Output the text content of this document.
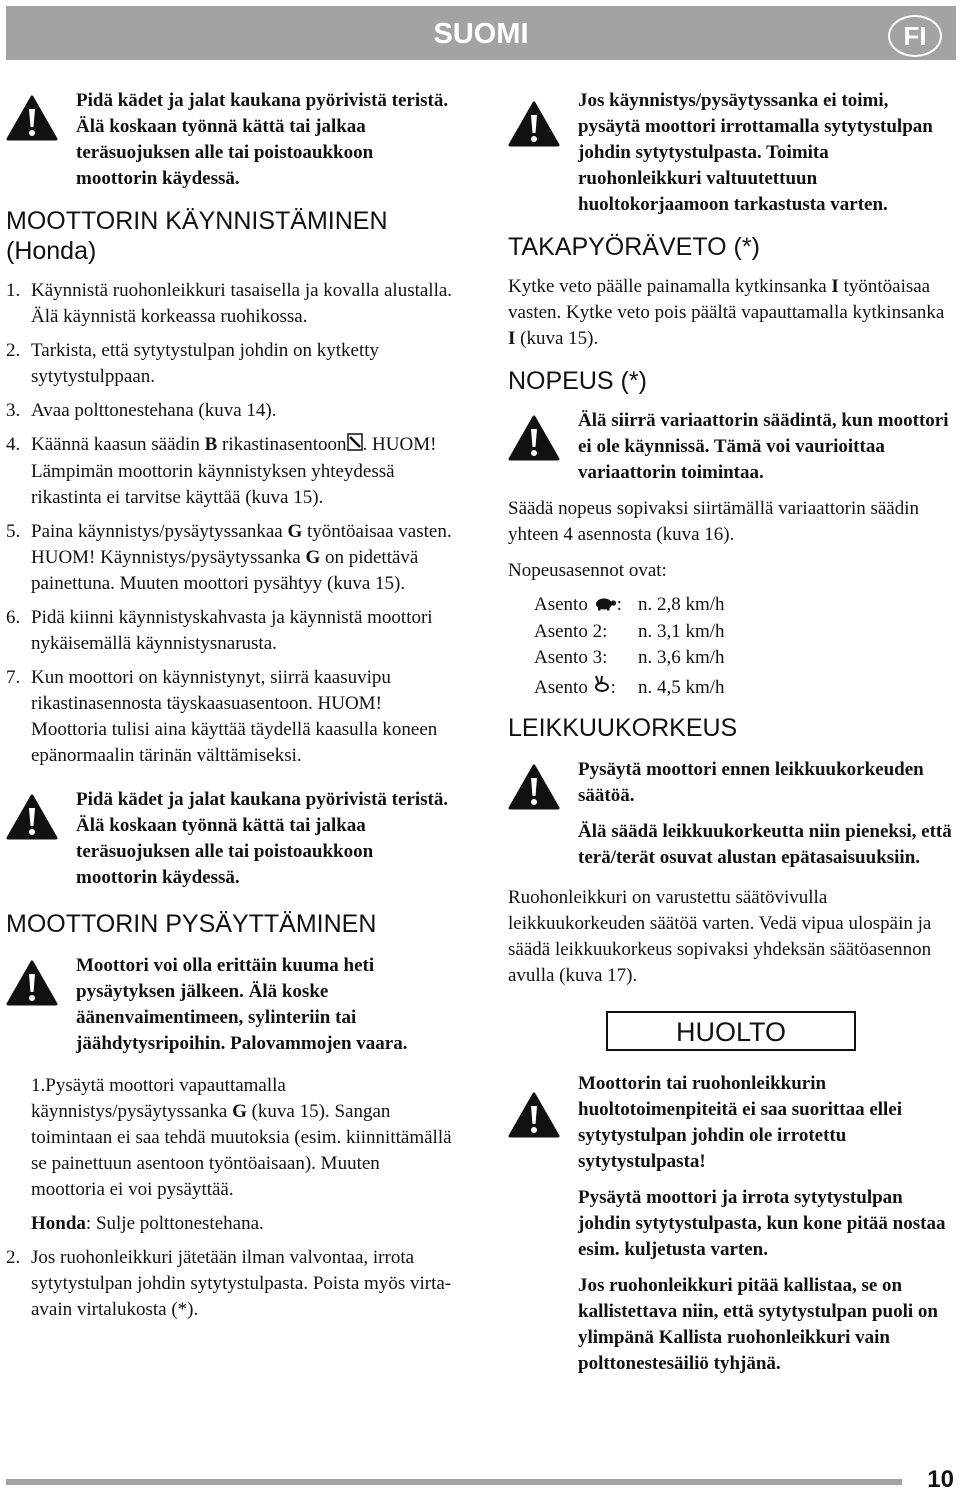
SUOMI	FI

Pidä kädet ja jalat kaukana pyörivistä teristä. Älä koskaan työnnä kättä tai jalkaa teräsuojuksen alle tai poistoaukkoon moottorin käydessä.

MOOTTORIN KÄYNNISTÄMINEN (Honda)
1. Käynnistä ruohonleikkuri tasaisella ja kovalla alustalla. Älä käynnistä korkeassa ruohikossa.
2. Tarkista, että sytytystulpan johdin on kytketty sytytystulppaan.
3. Avaa polttonestehana (kuva 14).
4. Käännä kaasun säädin B rikastinasentoon . HUOM! Lämpimän moottorin käynnistyksen yhteydessä rikastinta ei tarvitse käyttää (kuva 15).
5. Paina käynnistys/pysäytyssankaa G työntöaisaa vasten. HUOM! Käynnistys/pysäytyssanka G on pidettävä painettuna. Muuten moottori pysähtyy (kuva 15).
6. Pidä kiinni käynnistyskahvasta ja käynnistä moottori nykäisemällä käynnistysnarusta.
7. Kun moottori on käynnistynyt, siirrä kaasuvipu rikastinasennosta täyskaasuasentoon. HUOM! Moottoria tulisi aina käyttää täydellä kaasulla koneen epänormaalin tärinän välttämiseksi.

Pidä kädet ja jalat kaukana pyörivistä teristä. Älä koskaan työnnä kättä tai jalkaa teräsuojuksen alle tai poistoaukkoon moottorin käydessä.

MOOTTORIN PYSÄYTTÄMINEN

Moottori voi olla erittäin kuuma heti pysäytyksen jälkeen. Älä koske äänenvaimentimeen, sylinteriin tai jäähdytysripoihin. Palovammojen vaara.

1.Pysäytä moottori vapauttamalla käynnistys/pysäytyssanka G (kuva 15). Sangan toimintaan ei saa tehdä muutoksia (esim. kiinnittämällä se painettuun asentoon työntöaisaan). Muuten moottoria ei voi pysäyttää.

Honda: Sulje polttonestehana.

2. Jos ruohonleikkuri jätetään ilman valvontaa, irrota sytytystulpan johdin sytytystulpasta. Poista myös virta-avain virtalukosta (*).

Jos käynnistys/pysäytyssanka ei toimi, pysäytä moottori irrottamalla sytytystulpan johdin sytytystulpasta. Toimita ruohonleikkuri valtuutettuun huoltokorjaamoon tarkastusta varten.

TAKAPYÖRÄVETO (*)

Kytke veto päälle painamalla kytkinsanka I työntöaisaa vasten. Kytke veto pois päältä vapauttamalla kytkinsanka I (kuva 15).

NOPEUS (*)

Älä siirrä variaattorin säädintä, kun moottori ei ole käynnissä. Tämä voi vaurioittaa variaattorin toimintaa.

Säädä nopeus sopivaksi siirtämällä variaattorin säädin yhteen 4 asennosta (kuva 16).

Nopeusasennot ovat:

Asento :	n. 2,8 km/h
Asento 2:	n. 3,1 km/h
Asento 3:	n. 3,6 km/h
Asento :	n. 4,5 km/h
LEIKKUUKORKEUS

Pysäytä moottori ennen leikkuukorkeuden säätöä.

Älä säädä leikkuukorkeutta niin pieneksi, että terä/terät osuvat alustan epätasaisuuksiin.

Ruohonleikkuri on varustettu säätövivulla leikkuukorkeuden säätöä varten. Vedä vipua ulospäin ja säädä leikkuukorkeus sopivaksi yhdeksän säätöasennon avulla (kuva 17).

HUOLTO

Moottorin tai ruohonleikkurin huoltotoimenpiteitä ei saa suorittaa ellei sytytystulpan johdin ole irrotettu sytytystulpasta!

Pysäytä moottori ja irrota sytytystulpan johdin sytytystulpasta, kun kone pitää nostaa esim. kuljetusta varten.

Jos ruohonleikkuri pitää kallistaa, se on kallistettava niin, että sytytystulpan puoli on ylimpänä Kallista ruohonleikkuri vain polttonestesäiliö tyhjänä.

10
